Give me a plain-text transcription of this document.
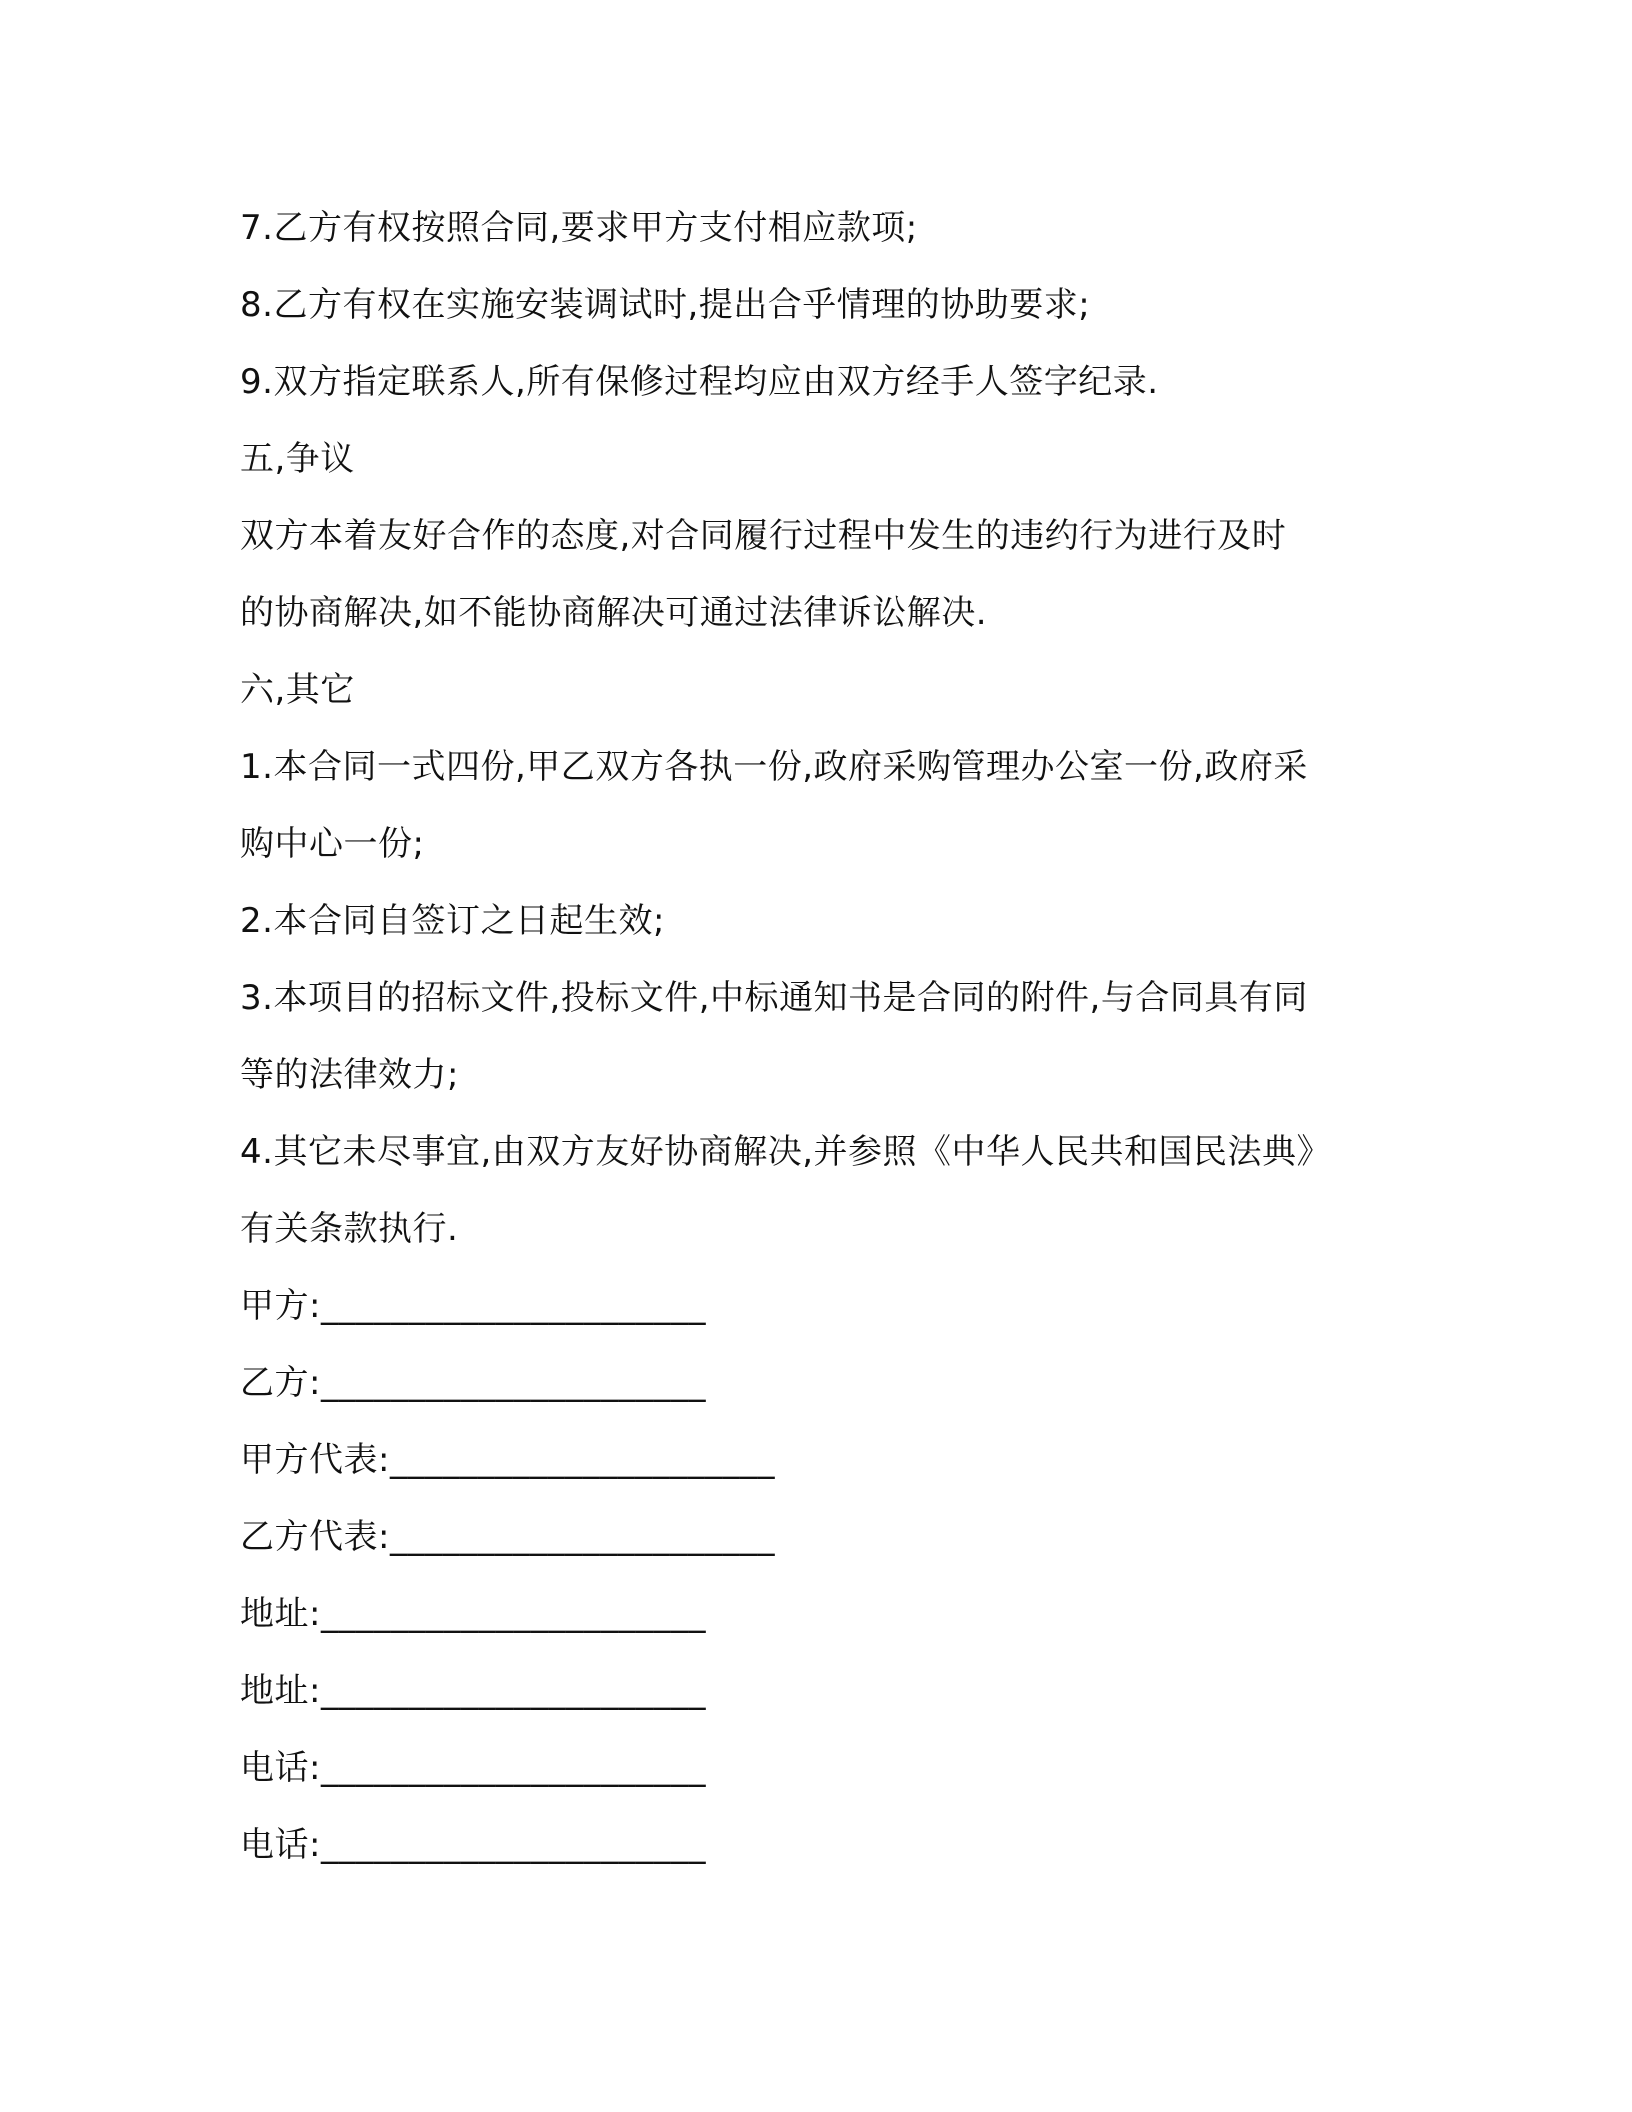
7.乙方有权按照合同,要求甲方支付相应款项;
8.乙方有权在实施安装调试时,提出合乎情理的协助要求;
9.双方指定联系人,所有保修过程均应由双方经手人签字纪录.
五,争议
双方本着友好合作的态度,对合同履行过程中发生的违约行为进行及时
的协商解决,如不能协商解决可通过法律诉讼解决.
六,其它
1.本合同一式四份,甲乙双方各执一份,政府采购管理办公室一份,政府采
购中心一份;
2.本合同自签订之日起生效;
3.本项目的招标文件,投标文件,中标通知书是合同的附件,与合同具有同
等的法律效力;
4.其它未尽事宜,由双方友好协商解决,并参照《中华人民共和国民法典》
有关条款执行.
甲方:______________________
乙方:______________________
甲方代表:______________________
乙方代表:______________________
地址:______________________
地址:______________________
电话:______________________
电话:______________________
